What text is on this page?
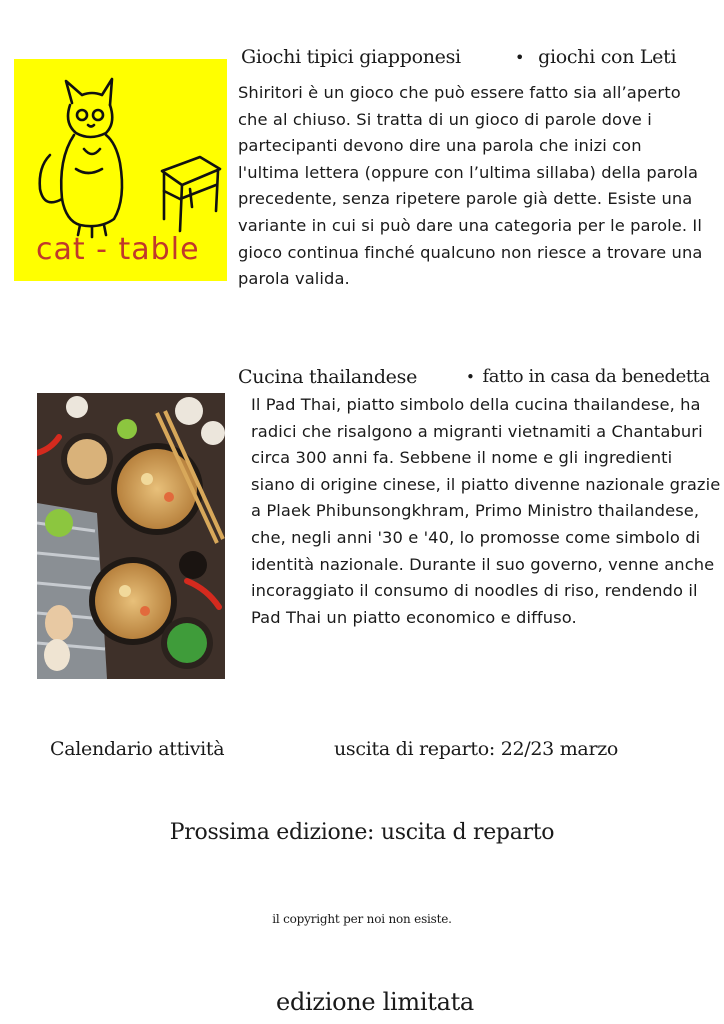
cat - table
Giochi tipici giapponesi	• giochi con Leti
Shiritori è un gioco che può essere fatto sia all’aperto che al chiuso. Si tratta di un gioco di parole dove i partecipanti devono dire una parola che inizi con l'ultima lettera (oppure con l’ultima sillaba) della parola precedente, senza ripetere parole già dette. Esiste una variante in cui si può dare una categoria per le parole. Il gioco continua finché qualcuno non riesce a trovare una parola valida.
Cucina thailandese	• fatto in casa da benedetta
Il Pad Thai, piatto simbolo della cucina thailandese, ha radici che risalgono a migranti vietnamiti a Chantaburi circa 300 anni fa. Sebbene il nome e gli ingredienti siano di origine cinese, il piatto divenne nazionale grazie a Plaek Phibunsongkhram, Primo Ministro thailandese, che, negli anni '30 e '40, lo promosse come simbolo di identità nazionale. Durante il suo governo, venne anche incoraggiato il consumo di noodles di riso, rendendo il Pad Thai un piatto economico e diffuso.
Calendario attività	uscita di reparto: 22/23 marzo
Prossima edizione: uscita d reparto
il copyright per noi non esiste.
edizione limitata
